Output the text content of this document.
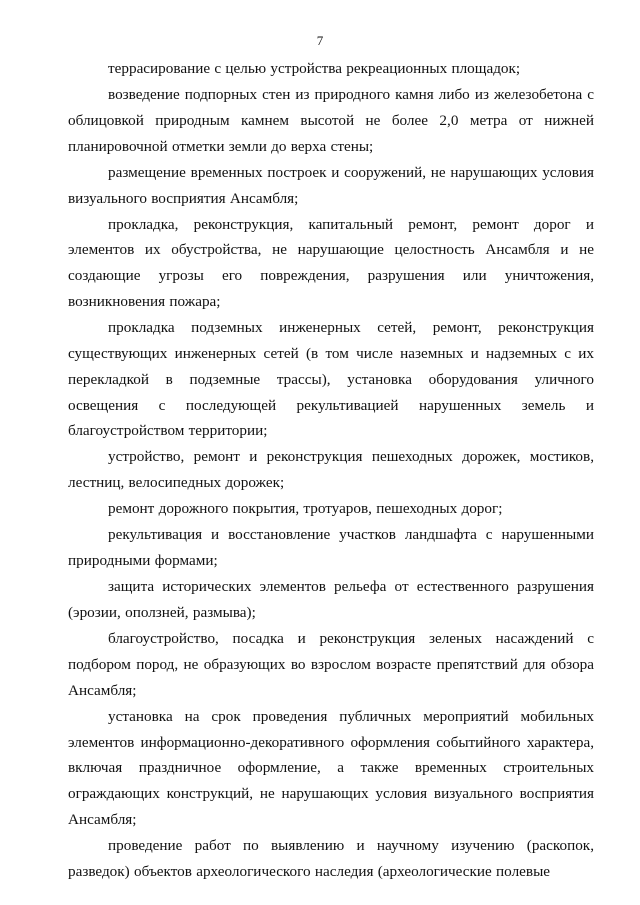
7

террасирование с целью устройства рекреационных площадок;

возведение подпорных стен из природного камня либо из железобетона с облицовкой природным камнем высотой не более 2,0 метра от нижней планировочной отметки земли до верха стены;

размещение временных построек и сооружений, не нарушающих условия визуального восприятия Ансамбля;

прокладка, реконструкция, капитальный ремонт, ремонт дорог и элементов их обустройства, не нарушающие целостность Ансамбля и не создающие угрозы его повреждения, разрушения или уничтожения, возникновения пожара;

прокладка подземных инженерных сетей, ремонт, реконструкция существующих инженерных сетей (в том числе наземных и надземных с их перекладкой в подземные трассы), установка оборудования уличного освещения с последующей рекультивацией нарушенных земель и благоустройством территории;

устройство, ремонт и реконструкция пешеходных дорожек, мостиков, лестниц, велосипедных дорожек;

ремонт дорожного покрытия, тротуаров, пешеходных дорог;

рекультивация и восстановление участков ландшафта с нарушенными природными формами;

защита исторических элементов рельефа от естественного разрушения (эрозии, оползней, размыва);

благоустройство, посадка и реконструкция зеленых насаждений с подбором пород, не образующих во взрослом возрасте препятствий для обзора Ансамбля;

установка на срок проведения публичных мероприятий мобильных элементов информационно-декоративного оформления событийного характера, включая праздничное оформление, а также временных строительных ограждающих конструкций, не нарушающих условия визуального восприятия Ансамбля;

проведение работ по выявлению и научному изучению (раскопок, разведок) объектов археологического наследия (археологические полевые
